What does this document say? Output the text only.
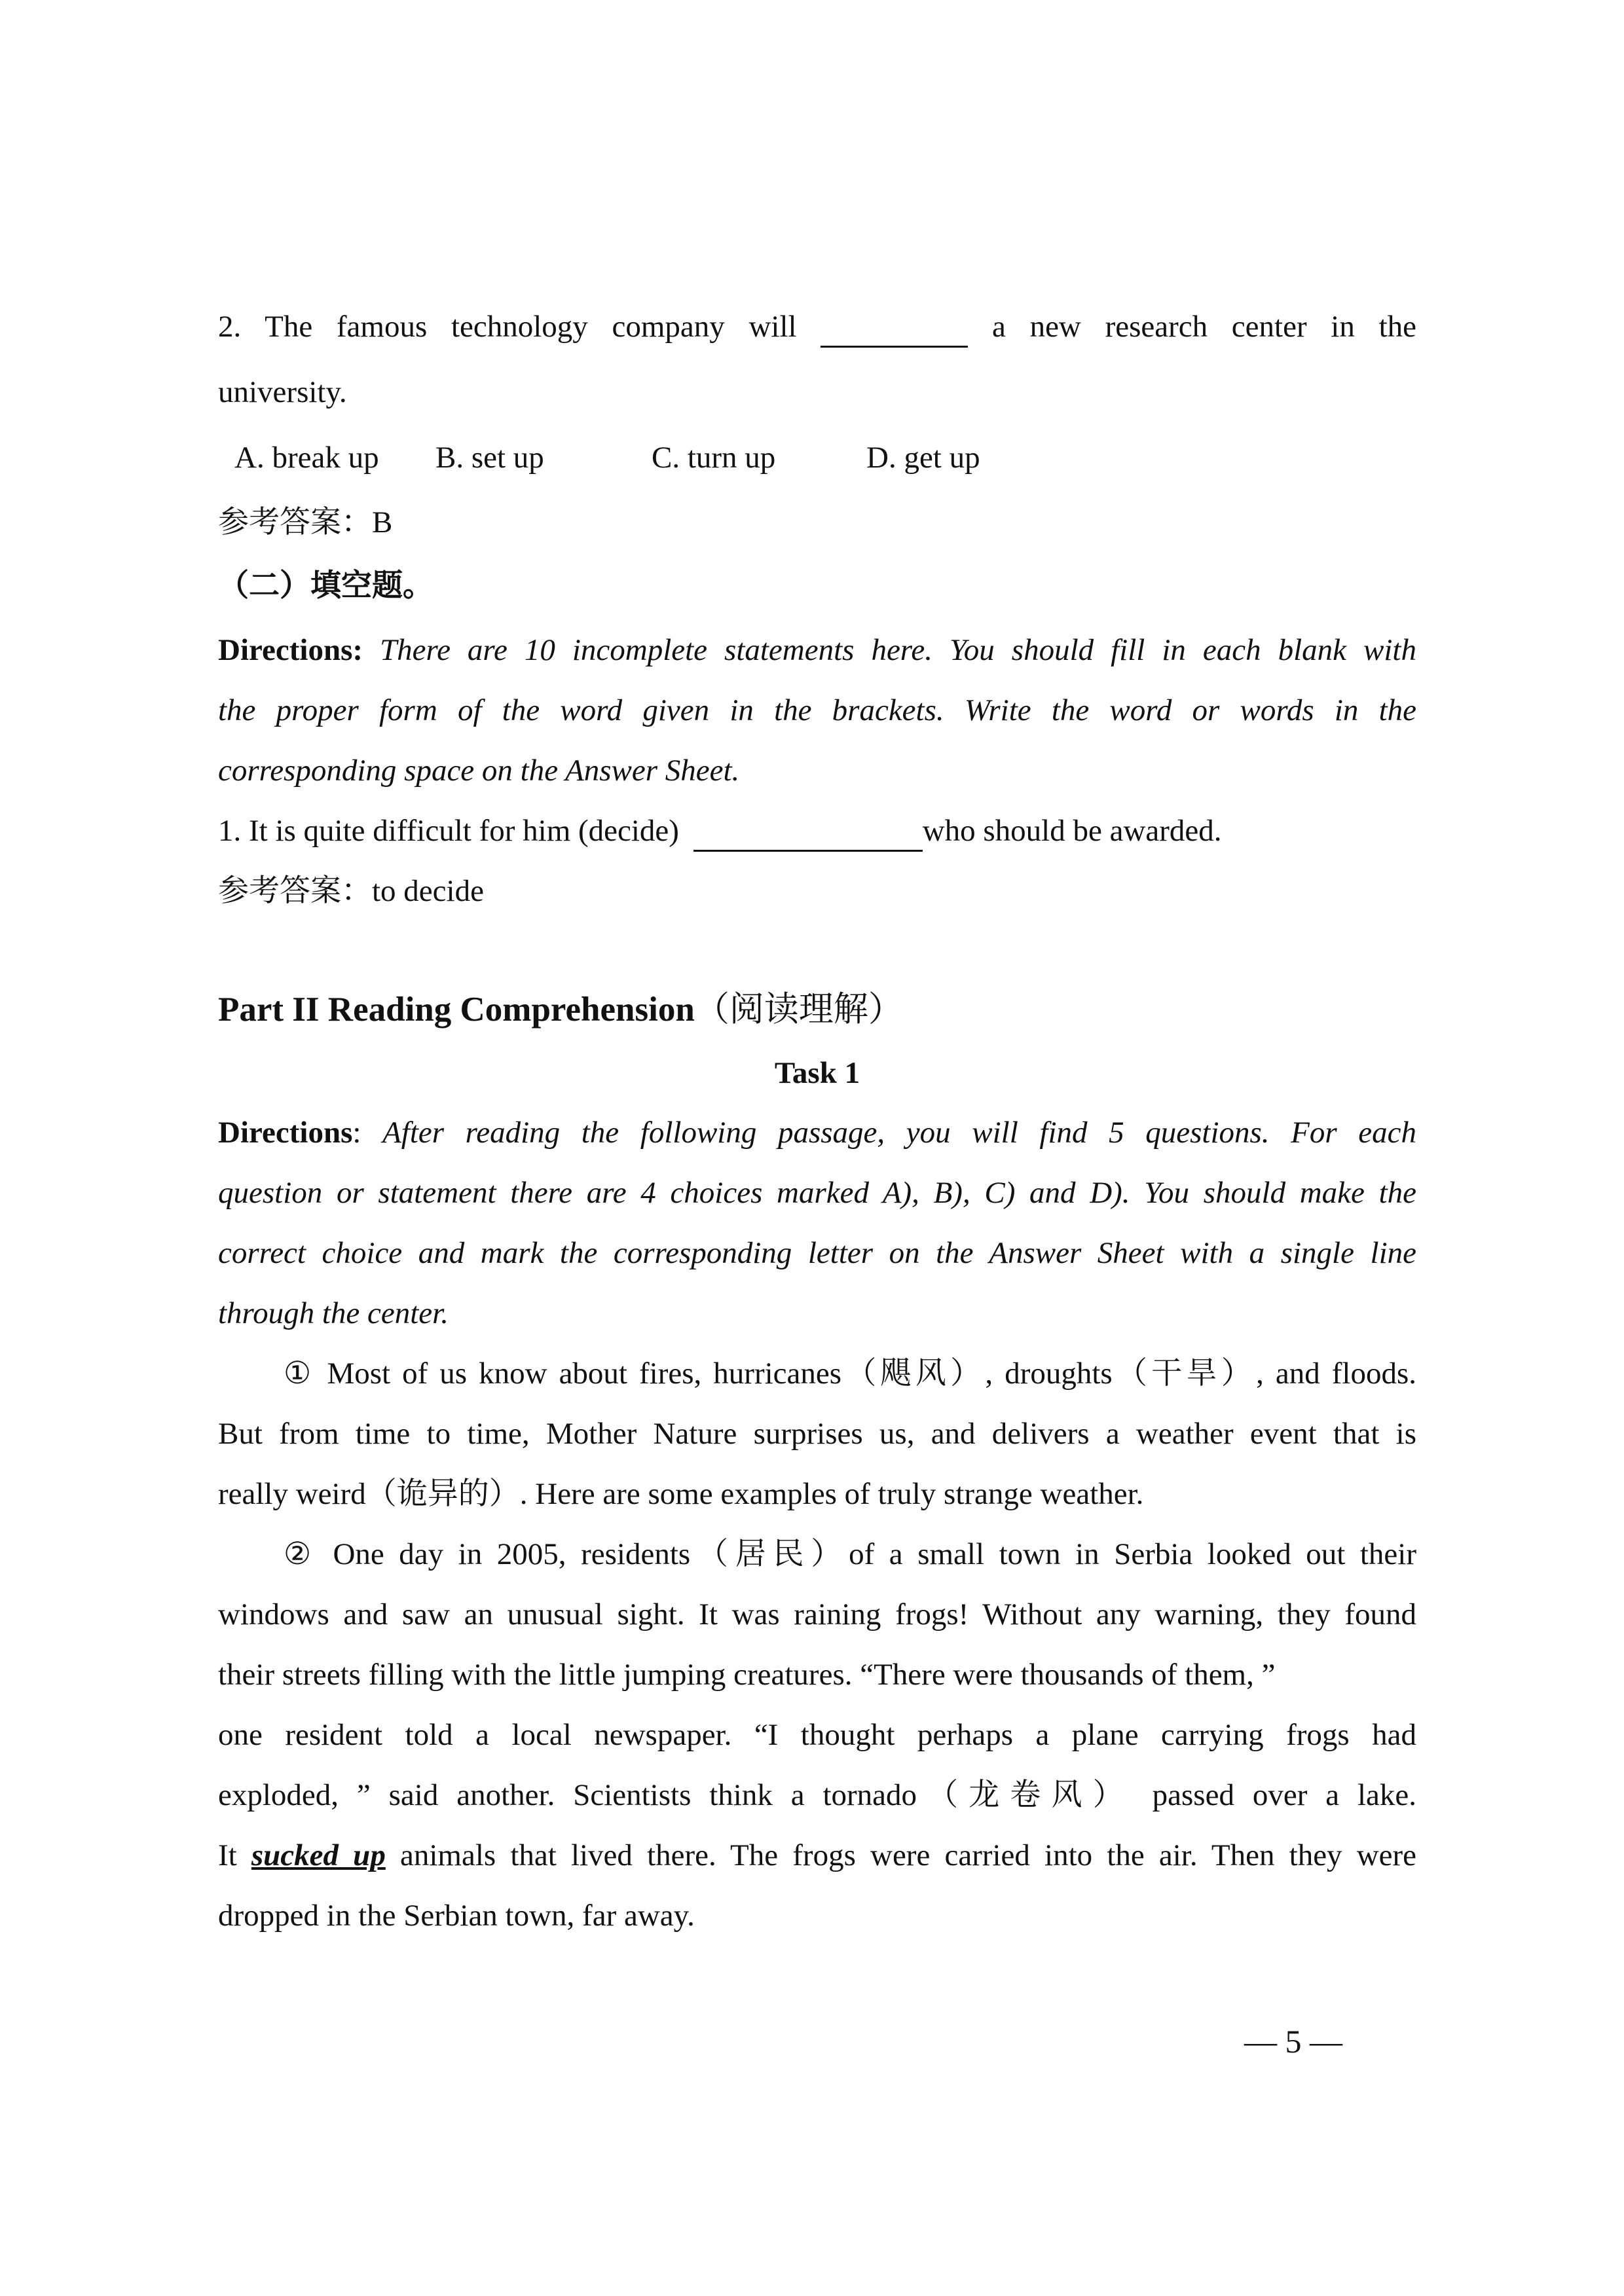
2. The famous technology company will	a new research center in the
university.
A. break up B. set up	C. turn up	D. get up
参考答案：B
（二）填空题。
Directions: There are 10 incomplete statements here. You should fill in each blank with
the proper form of the word given in the brackets. Write the word or words in the
corresponding space on the Answer Sheet.
1. It is quite difficult for him (decide)	who should be awarded.
参考答案：to decide
Part II Reading Comprehension（阅读理解）
Task 1
Directions: After reading the following passage, you will find 5 questions. For each
question or statement there are 4 choices marked A), B), C) and D). You should make the
correct choice and mark the corresponding letter on the Answer Sheet with a single line
through the center.
① Most of us know about fires, hurricanes（飓风）, droughts（干旱）, and floods.
But from time to time, Mother Nature surprises us, and delivers a weather event that is
really weird（诡异的）. Here are some examples of truly strange weather.
② One day in 2005, residents（居民）of a small town in Serbia looked out their
windows and saw an unusual sight. It was raining frogs! Without any warning, they found
their streets filling with the little jumping creatures. “There were thousands of them, ”
one resident told a local newspaper. “I thought perhaps a plane carrying frogs had
exploded, ” said another. Scientists think a tornado（龙卷风） passed over a lake.
It sucked up animals that lived there. The frogs were carried into the air. Then they were
dropped in the Serbian town, far away.
— 5 —
